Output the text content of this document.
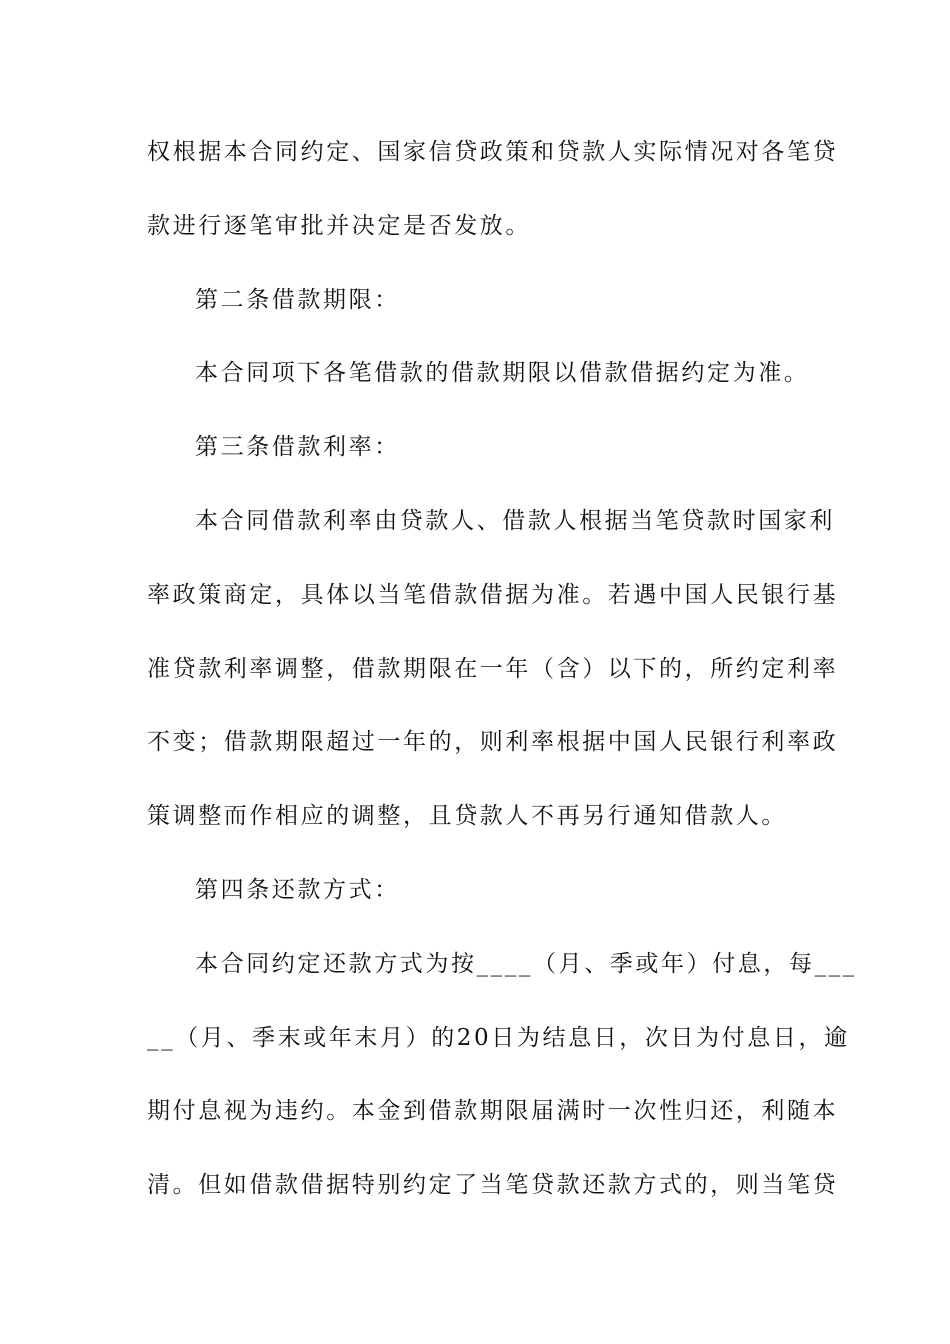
权根据本合同约定、国家信贷政策和贷款人实际情况对各笔贷
款进行逐笔审批并决定是否发放。
第二条借款期限：
本合同项下各笔借款的借款期限以借款借据约定为准。
第三条借款利率：
本合同借款利率由贷款人、借款人根据当笔贷款时国家利
率政策商定，具体以当笔借款借据为准。若遇中国人民银行基
准贷款利率调整，借款期限在一年（含）以下的，所约定利率
不变；借款期限超过一年的，则利率根据中国人民银行利率政
策调整而作相应的调整，且贷款人不再另行通知借款人。
第四条还款方式：
本合同约定还款方式为按____（月、季或年）付息，每___
__（月、季末或年末月）的20日为结息日，次日为付息日，逾
期付息视为违约。本金到借款期限届满时一次性归还，利随本
清。但如借款借据特别约定了当笔贷款还款方式的，则当笔贷
